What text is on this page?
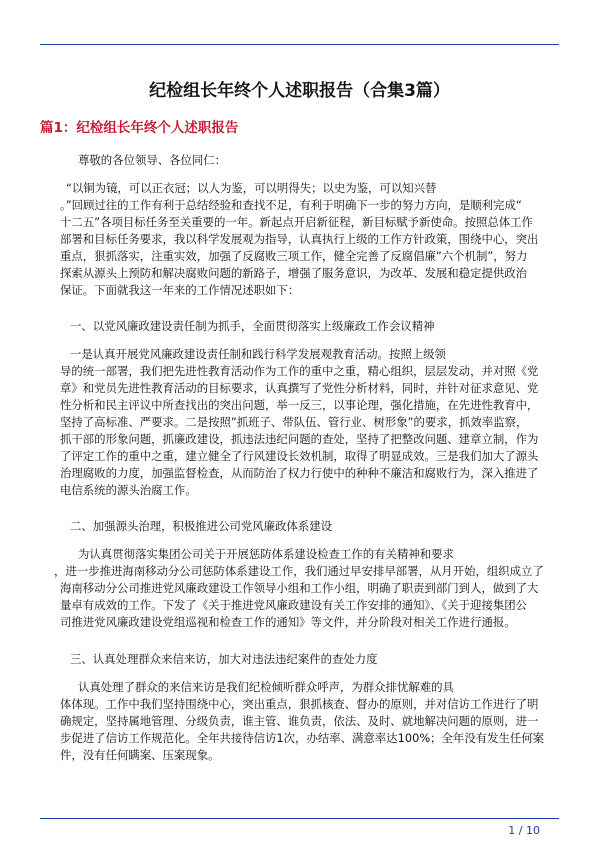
纪检组长年终个人述职报告（合集3篇）
篇1：纪检组长年终个人述职报告
尊敬的各位领导、各位同仁：
“以铜为镜，可以正衣冠；以人为鉴，可以明得失；以史为鉴，可以知兴替
。”回顾过往的工作有利于总结经验和查找不足，有利于明确下一步的努力方向，是顺利完成“
十二五”各项目标任务至关重要的一年。新起点开启新征程，新目标赋予新使命。按照总体工作
部署和目标任务要求，我以科学发展观为指导，认真执行上级的工作方针政策，围绕中心，突出
重点，狠抓落实，注重实效，加强了反腐败三项工作，健全完善了反腐倡廉”六个机制”，努力
探索从源头上预防和解决腐败问题的新路子，增强了服务意识，为改革、发展和稳定提供政治
保证。下面就我这一年来的工作情况述职如下：
一、以党风廉政建设责任制为抓手，全面贯彻落实上级廉政工作会议精神
一是认真开展党风廉政建设责任制和践行科学发展观教育活动。按照上级领
导的统一部署，我们把先进性教育活动作为工作的重中之重，精心组织，层层发动，并对照《党
章》和党员先进性教育活动的目标要求，认真撰写了党性分析材料，同时，并针对征求意见、党
性分析和民主评议中所查找出的突出问题，举一反三，以事论理，强化措施，在先进性教育中，
坚持了高标准、严要求。二是按照”抓班子、带队伍、管行业、树形象”的要求，抓效率监察，
抓干部的形象问题，抓廉政建设，抓违法违纪问题的查处，坚持了把整改问题、建章立制，作为
了评定工作的重中之重，建立健全了行风建设长效机制，取得了明显成效。三是我们加大了源头
治理腐败的力度，加强监督检查，从而防治了权力行使中的种种不廉洁和腐败行为，深入推进了
电信系统的源头治腐工作。
二、加强源头治理，积极推进公司党风廉政体系建设
为认真贯彻落实集团公司关于开展惩防体系建设检查工作的有关精神和要求
，进一步推进海南移动分公司惩防体系建设工作，我们通过早安排早部署，从月开始，组织成立了
海南移动分公司推进党风廉政建设工作领导小组和工作小组，明确了职责到部门到人，做到了大
量卓有成效的工作。下发了《关于推进党风廉政建设有关工作安排的通知》、《关于迎接集团公
司推进党风廉政建设党组巡视和检查工作的通知》等文件，并分阶段对相关工作进行通报。
三、认真处理群众来信来访，加大对违法违纪案件的查处力度
认真处理了群众的来信来访是我们纪检倾听群众呼声，为群众排忧解难的具
体体现。工作中我们坚持围绕中心，突出重点，狠抓核查、督办的原则，并对信访工作进行了明
确规定，坚持属地管理、分级负责，谁主管、谁负责，依法、及时、就地解决问题的原则，进一
步促进了信访工作规范化。全年共接待信访1次，办结率、满意率达100%；全年没有发生任何案
件，没有任何瞒案、压案现象。
1 / 10
